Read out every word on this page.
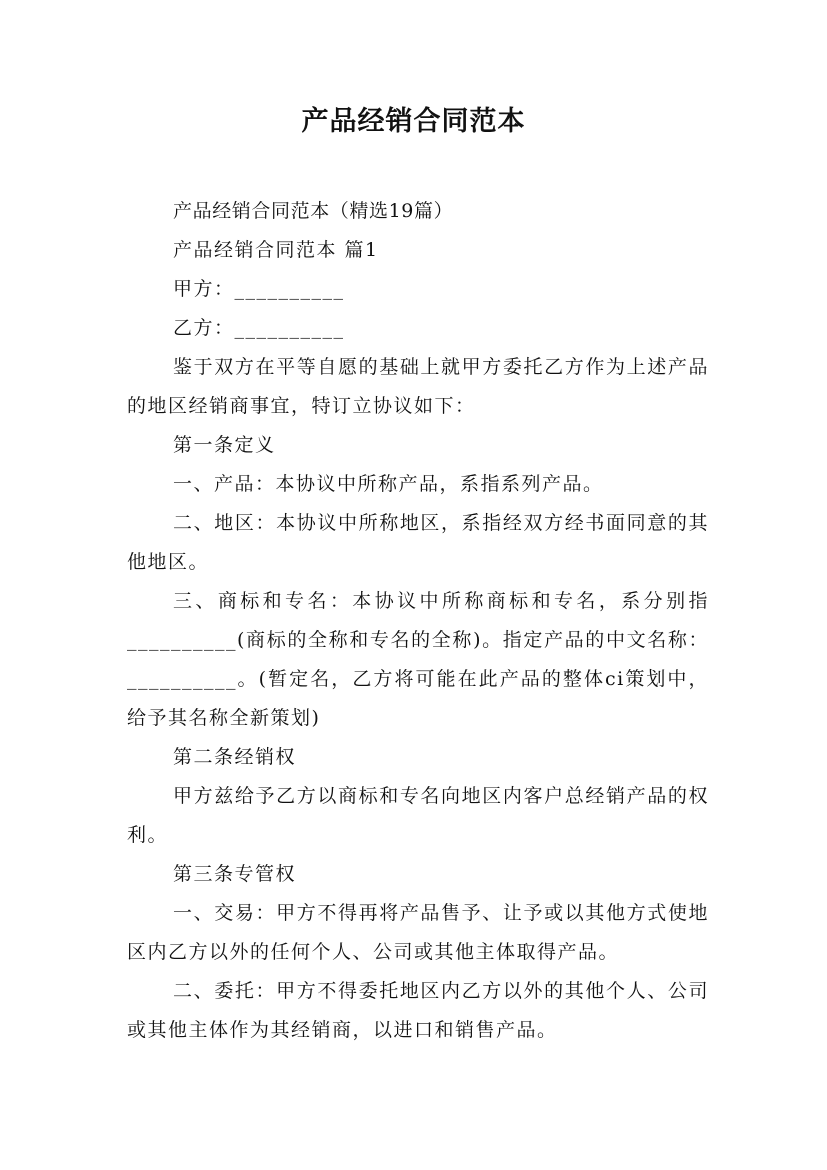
产品经销合同范本

产品经销合同范本（精选19篇）

产品经销合同范本 篇1

甲方：__________

乙方：__________

鉴于双方在平等自愿的基础上就甲方委托乙方作为上述产品的地区经销商事宜，特订立协议如下：

第一条定义

一、产品：本协议中所称产品，系指系列产品。

二、地区：本协议中所称地区，系指经双方经书面同意的其他地区。

三、商标和专名：本协议中所称商标和专名，系分别指__________(商标的全称和专名的全称)。指定产品的中文名称：__________。(暂定名，乙方将可能在此产品的整体ci策划中，给予其名称全新策划)

第二条经销权

甲方兹给予乙方以商标和专名向地区内客户总经销产品的权利。

第三条专管权

一、交易：甲方不得再将产品售予、让予或以其他方式使地区内乙方以外的任何个人、公司或其他主体取得产品。

二、委托：甲方不得委托地区内乙方以外的其他个人、公司或其他主体作为其经销商，以进口和销售产品。
